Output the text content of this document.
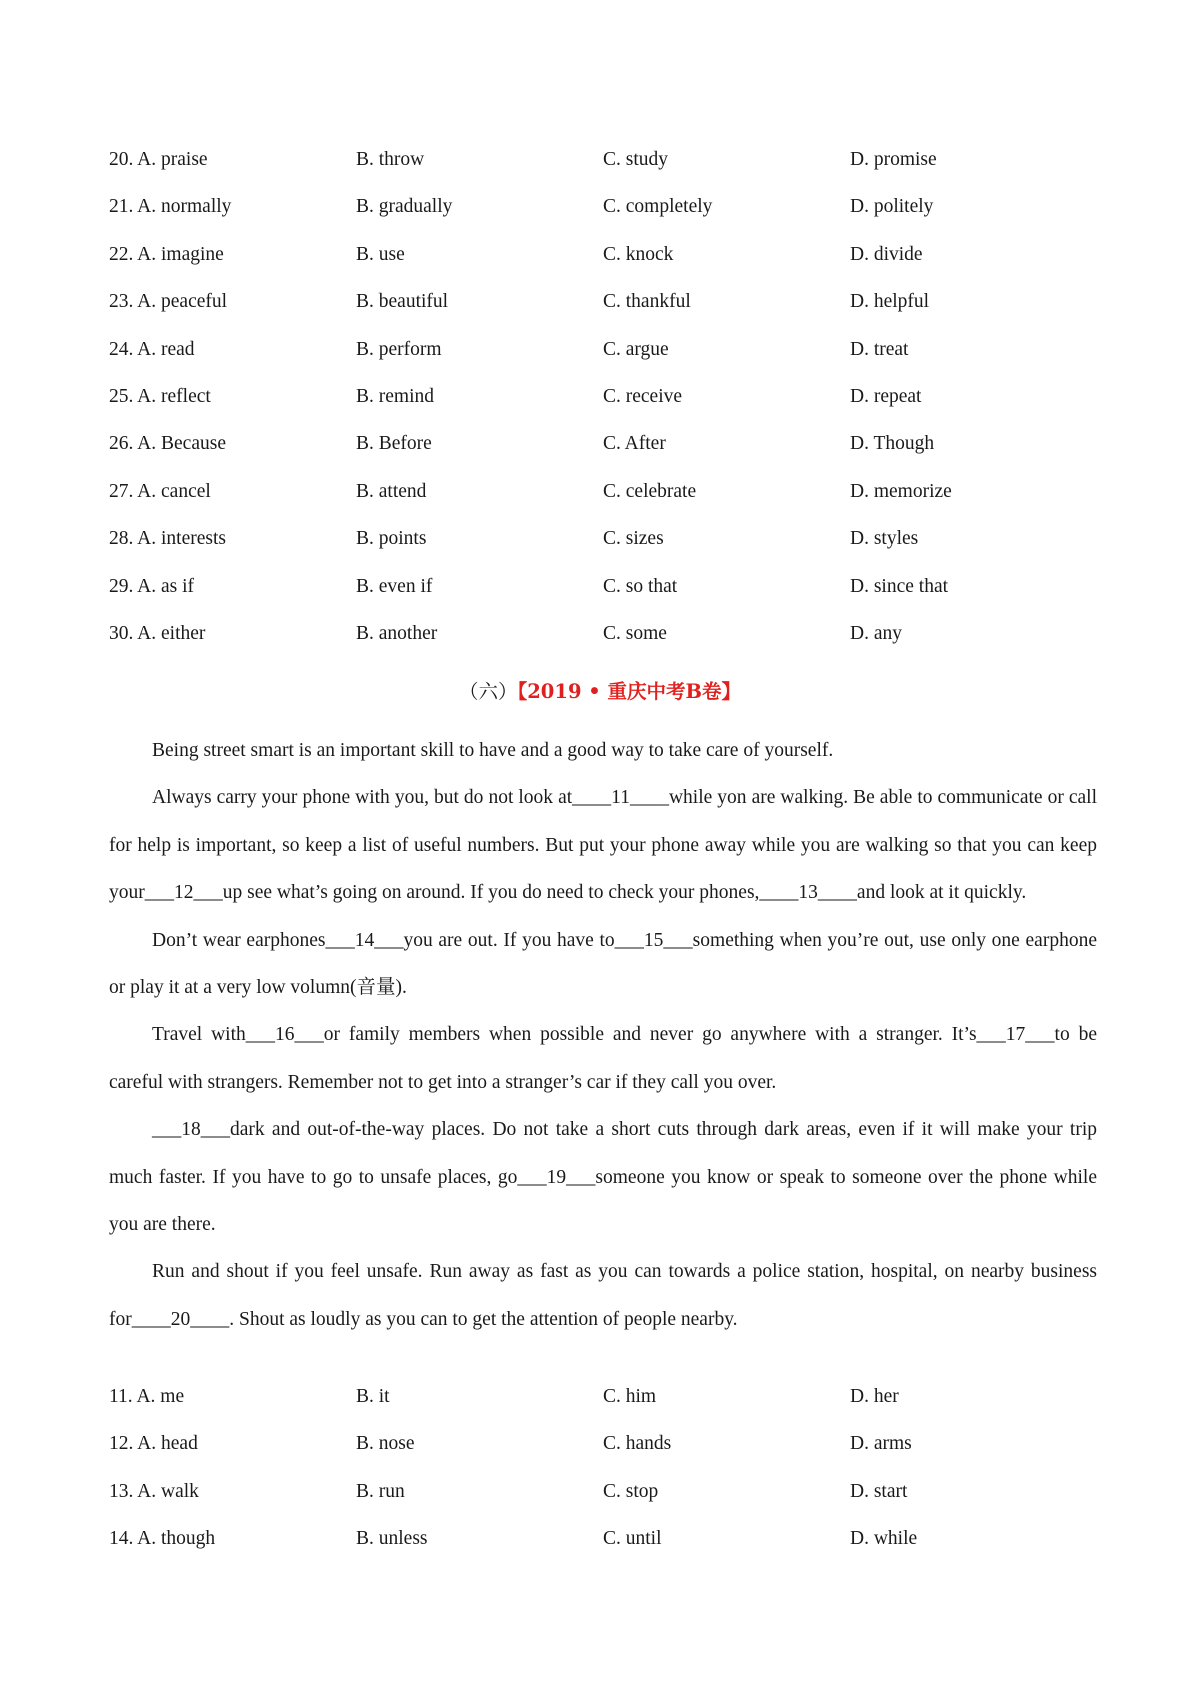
20. A. praise	B. throw	C. study	D. promise
21. A. normally	B. gradually	C. completely	D. politely
22. A. imagine	B. use	C. knock	D. divide
23. A. peaceful	B. beautiful	C. thankful	D. helpful
24. A. read	B. perform	C. argue	D. treat
25. A. reflect	B. remind	C. receive	D. repeat
26. A. Because	B. Before	C. After	D. Though
27. A. cancel	B. attend	C. celebrate	D. memorize
28. A. interests	B. points	C. sizes	D. styles
29. A. as if	B. even if	C. so that	D. since that
30. A. either	B. another	C. some	D. any
（六）【2019 • 重庆中考B卷】

Being street smart is an important skill to have and a good way to take care of yourself.

Always carry your phone with you, but do not look at____11____while yon are walking. Be able to communicate or call for help is important, so keep a list of useful numbers. But put your phone away while you are walking so that you can keep your___12___up see what’s going on around. If you do need to check your phones,____13____and look at it quickly.

Don’t wear earphones___14___you are out. If you have to___15___something when you’re out, use only one earphone or play it at a very low volumn(音量).

Travel with___16___or family members when possible and never go anywhere with a stranger. It’s___17___to be careful with strangers. Remember not to get into a stranger’s car if they call you over.

___18___dark and out-of-the-way places. Do not take a short cuts through dark areas, even if it will make your trip much faster. If you have to go to unsafe places, go___19___someone you know or speak to someone over the phone while you are there.

Run and shout if you feel unsafe. Run away as fast as you can towards a police station, hospital, on nearby business for____20____. Shout as loudly as you can to get the attention of people nearby.

11. A. me	B. it	C. him	D. her
12. A. head	B. nose	C. hands	D. arms
13. A. walk	B. run	C. stop	D. start
14. A. though	B. unless	C. until	D. while
